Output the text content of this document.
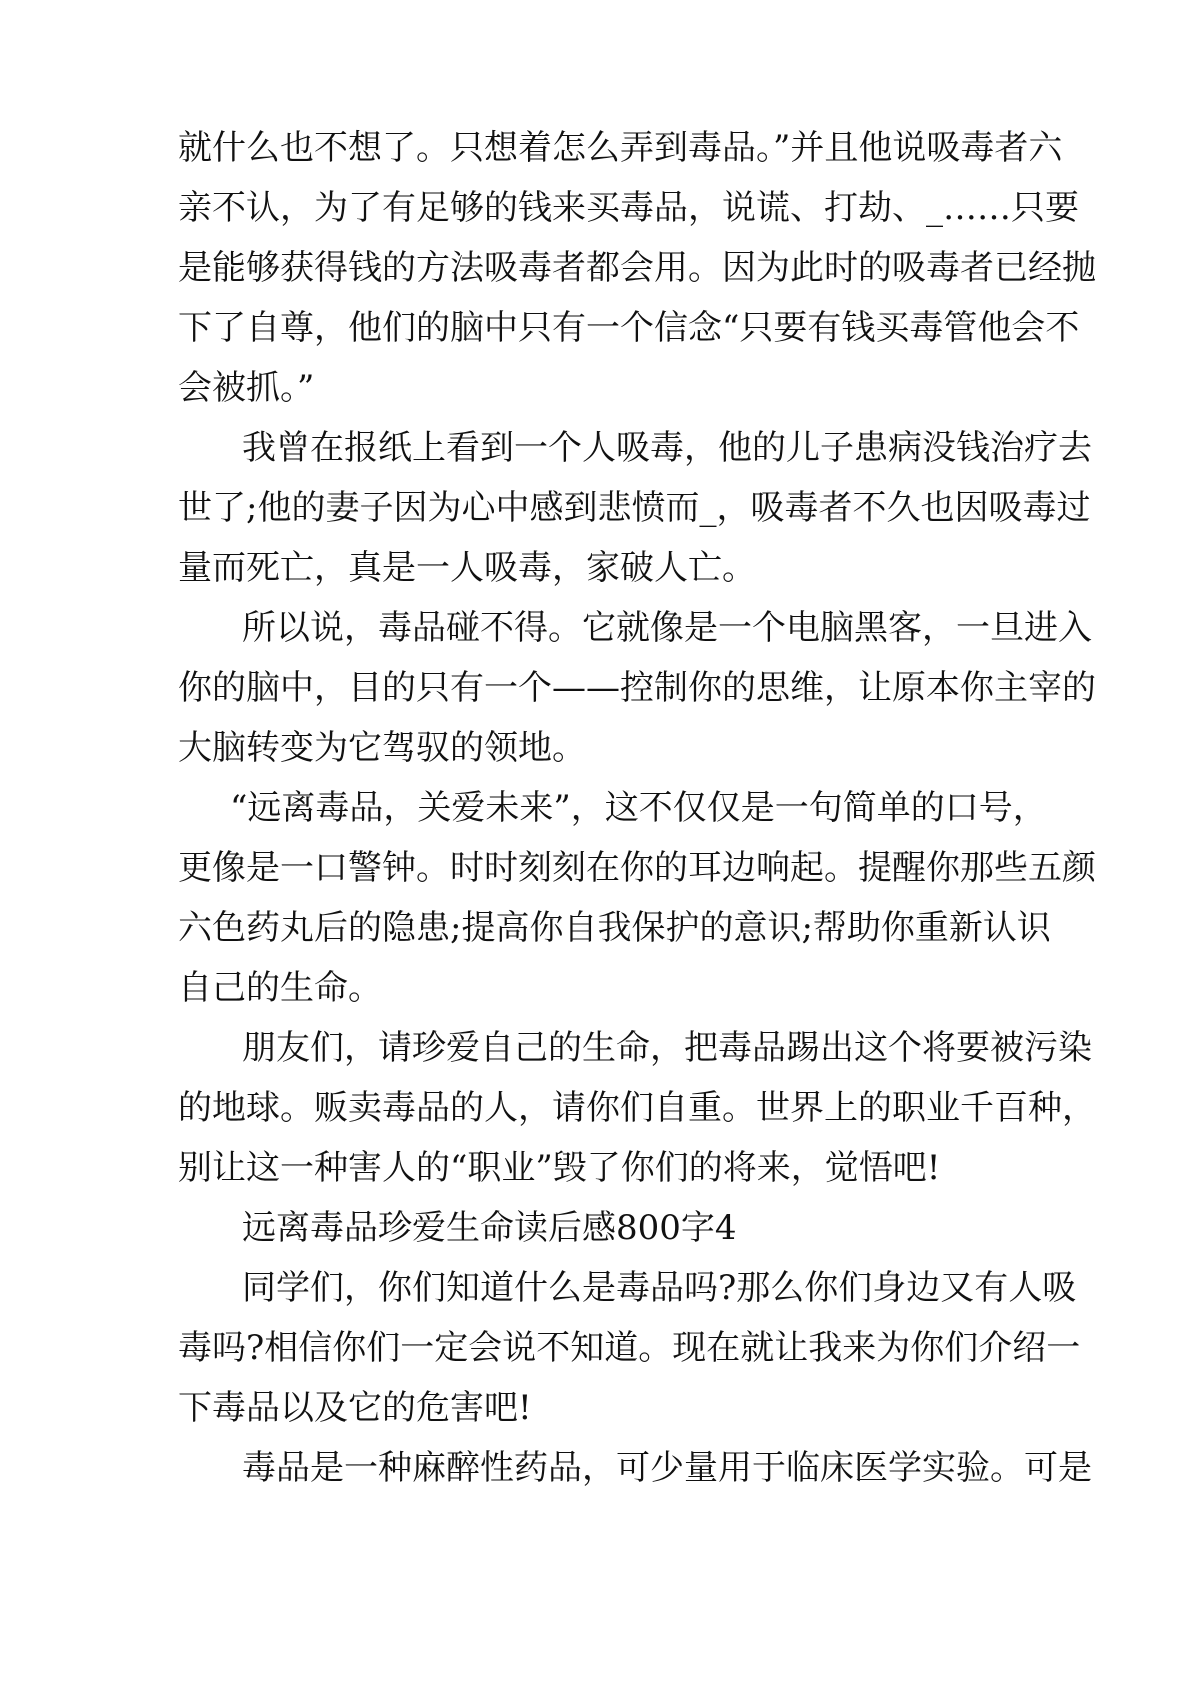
就什么也不想了。只想着怎么弄到毒品。”并且他说吸毒者六
亲不认，为了有足够的钱来买毒品，说谎、打劫、_……只要
是能够获得钱的方法吸毒者都会用。因为此时的吸毒者已经抛
下了自尊，他们的脑中只有一个信念“只要有钱买毒管他会不
会被抓。”
我曾在报纸上看到一个人吸毒，他的儿子患病没钱治疗去
世了;他的妻子因为心中感到悲愤而_，吸毒者不久也因吸毒过
量而死亡，真是一人吸毒，家破人亡。
所以说，毒品碰不得。它就像是一个电脑黑客，一旦进入
你的脑中，目的只有一个——控制你的思维，让原本你主宰的
大脑转变为它驾驭的领地。
“远离毒品，关爱未来”，这不仅仅是一句简单的口号，
更像是一口警钟。时时刻刻在你的耳边响起。提醒你那些五颜
六色药丸后的隐患;提高你自我保护的意识;帮助你重新认识
自己的生命。
朋友们，请珍爱自己的生命，把毒品踢出这个将要被污染
的地球。贩卖毒品的人，请你们自重。世界上的职业千百种，
别让这一种害人的“职业”毁了你们的将来，觉悟吧!
远离毒品珍爱生命读后感800字4
同学们，你们知道什么是毒品吗?那么你们身边又有人吸
毒吗?相信你们一定会说不知道。现在就让我来为你们介绍一
下毒品以及它的危害吧!
毒品是一种麻醉性药品，可少量用于临床医学实验。可是
